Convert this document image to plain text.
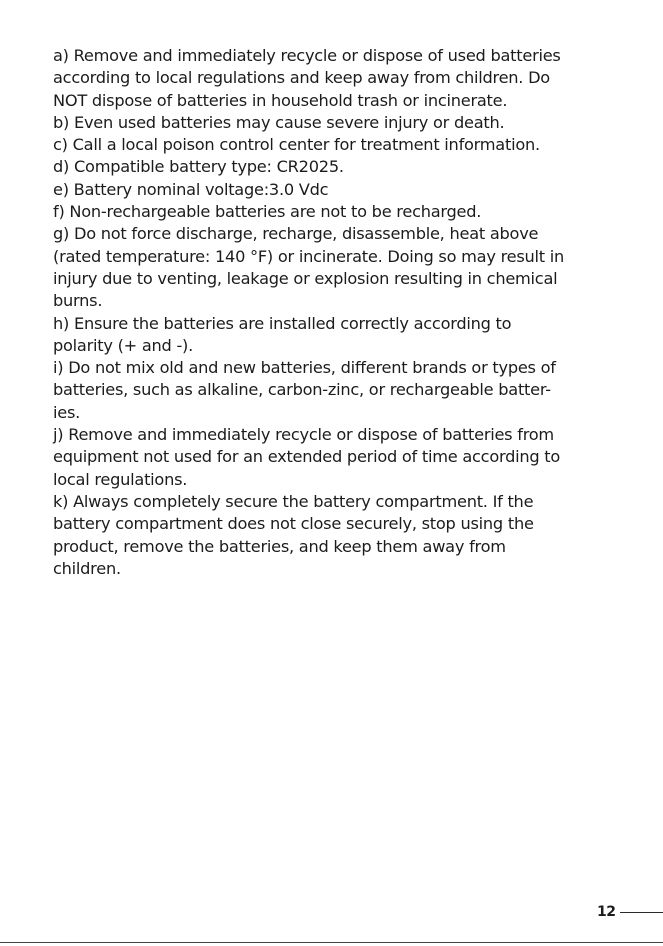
a) Remove and immediately recycle or dispose of used batteries
according to local regulations and keep away from children. Do
NOT dispose of batteries in household trash or incinerate.
b) Even used batteries may cause severe injury or death.
c) Call a local poison control center for treatment information.
d) Compatible battery type: CR2025.
e) Battery nominal voltage:3.0 Vdc
f) Non-rechargeable batteries are not to be recharged.
g) Do not force discharge, recharge, disassemble, heat above
(rated temperature: 140 °F) or incinerate. Doing so may result in
injury due to venting, leakage or explosion resulting in chemical
burns.
h) Ensure the batteries are installed correctly according to
polarity (+ and -).
i) Do not mix old and new batteries, different brands or types of
batteries, such as alkaline, carbon-zinc, or rechargeable batter-
ies.
j) Remove and immediately recycle or dispose of batteries from
equipment not used for an extended period of time according to
local regulations.
k) Always completely secure the battery compartment. If the
battery compartment does not close securely, stop using the
product, remove the batteries, and keep them away from
children.
12
